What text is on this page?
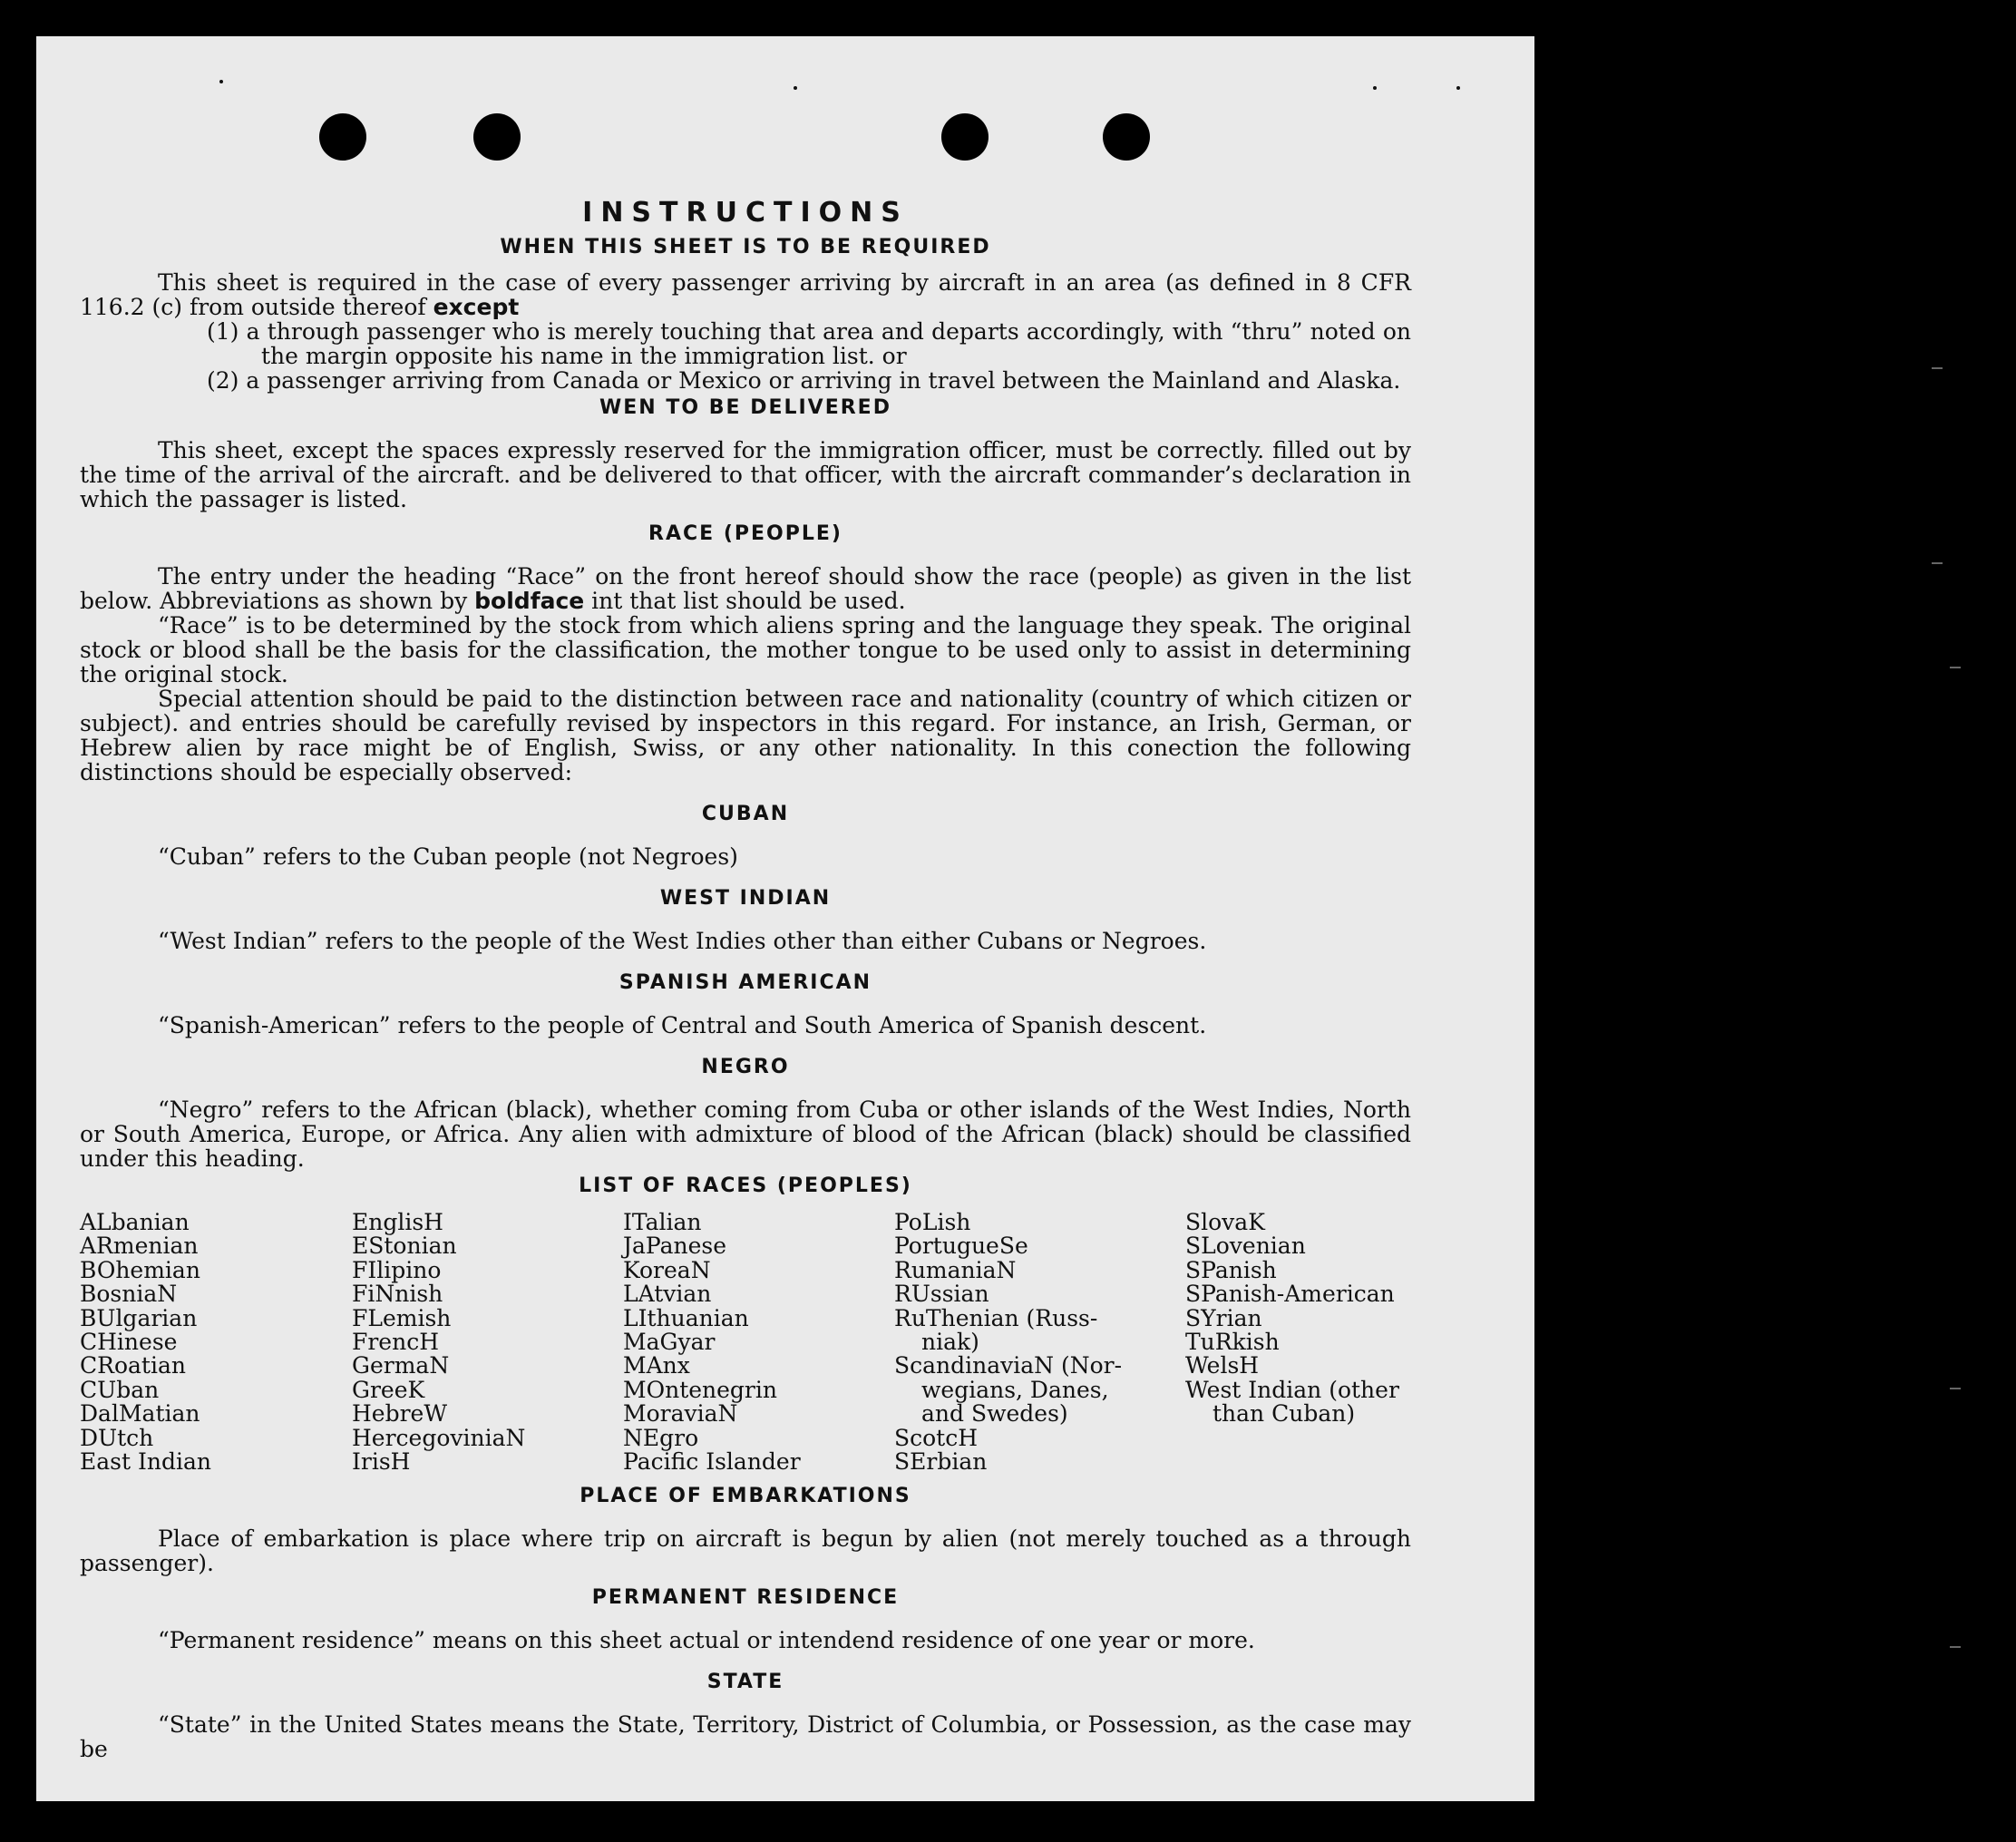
INSTRUCTIONS
WHEN THIS SHEET IS TO BE REQUIRED

This sheet is required in the case of every passenger arriving by aircraft in an area (as defined in 8 CFR 116.2 (c) from outside thereof except

(1) a through passenger who is merely touching that area and departs accordingly, with “thru” noted on the margin opposite his name in the immigration list. or

(2) a passenger arriving from Canada or Mexico or arriving in travel between the Mainland and Alaska.

WEN TO BE DELIVERED

This sheet, except the spaces expressly reserved for the immigration officer, must be correctly. filled out by the time of the arrival of the aircraft. and be delivered to that officer, with the aircraft commander’s declaration in which the passager is listed.

RACE (PEOPLE)

The entry under the heading “Race” on the front hereof should show the race (people) as given in the list below. Abbreviations as shown by boldface int that list should be used.

“Race” is to be determined by the stock from which aliens spring and the language they speak. The original stock or blood shall be the basis for the classification, the mother tongue to be used only to assist in determining the original stock.

Special attention should be paid to the distinction between race and nationality (country of which citizen or subject). and entries should be carefully revised by inspectors in this regard. For instance, an Irish, German, or Hebrew alien by race might be of English, Swiss, or any other nationality. In this conection the following distinctions should be especially observed:

CUBAN

“Cuban” refers to the Cuban people (not Negroes)

WEST INDIAN

“West Indian” refers to the people of the West Indies other than either Cubans or Negroes.

SPANISH AMERICAN

“Spanish-American” refers to the people of Central and South America of Spanish descent.

NEGRO

“Negro” refers to the African (black), whether coming from Cuba or other islands of the West Indies, North or South America, Europe, or Africa. Any alien with admixture of blood of the African (black) should be classified under this heading.

LIST OF RACES (PEOPLES)
ALbanian
ARmenian
BOhemian
BosniaN
BUlgarian
CHinese
CRoatian
CUban
DalMatian
DUtch
East Indian
EnglisH
EStonian
FIlipino
FiNnish
FLemish
FrencH
GermaN
GreeK
HebreW
HercegoviniaN
IrisH
ITalian
JaPanese
KoreaN
LAtvian
LIthuanian
MaGyar
MAnx
MOntenegrin
MoraviaN
NEgro
Pacific Islander
PoLish
PortugueSe
RumaniaN
RUssian
RuThenian (Russ-
niak)
ScandinaviaN (Nor-
wegians, Danes,
and Swedes)
ScotcH
SErbian
SlovaK
SLovenian
SPanish
SPanish-American
SYrian
TuRkish
WelsH
West Indian (other
than Cuban)
PLACE OF EMBARKATIONS

Place of embarkation is place where trip on aircraft is begun by alien (not merely touched as a through passenger).

PERMANENT RESIDENCE

“Permanent residence” means on this sheet actual or intendend residence of one year or more.

STATE

“State” in the United States means the State, Territory, District of Columbia, or Possession, as the case may be
